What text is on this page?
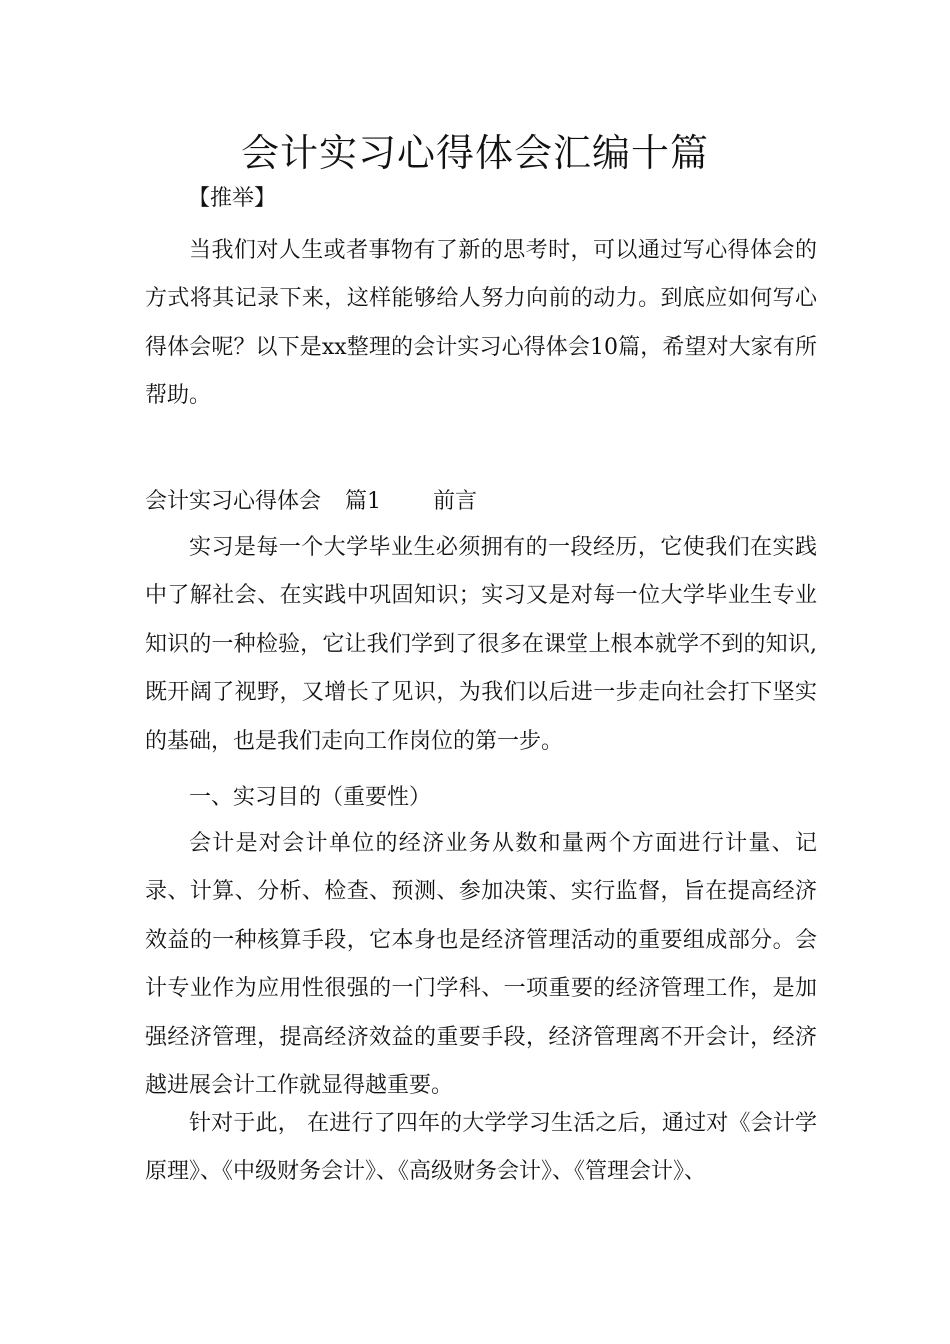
会计实习心得体会汇编十篇
【推举】

当我们对人生或者事物有了新的思考时，可以通过写心得体会的方式将其记录下来，这样能够给人努力向前的动力。到底应如何写心得体会呢？以下是xx整理的会计实习心得体会10篇，希望对大家有所帮助。

会计实习心得体会 篇1 前言

实习是每一个大学毕业生必须拥有的一段经历，它使我们在实践中了解社会、在实践中巩固知识；实习又是对每一位大学毕业生专业知识的一种检验，它让我们学到了很多在课堂上根本就学不到的知识,既开阔了视野，又增长了见识，为我们以后进一步走向社会打下坚实的基础，也是我们走向工作岗位的第一步。

一、实习目的（重要性）

会计是对会计单位的经济业务从数和量两个方面进行计量、记录、计算、分析、检查、预测、参加决策、实行监督，旨在提高经济效益的一种核算手段，它本身也是经济管理活动的重要组成部分。会计专业作为应用性很强的一门学科、一项重要的经济管理工作，是加强经济管理，提高经济效益的重要手段，经济管理离不开会计，经济越进展会计工作就显得越重要。

针对于此， 在进行了四年的大学学习生活之后，通过对《会计学原理》、《中级财务会计》、《高级财务会计》、《管理会计》、
